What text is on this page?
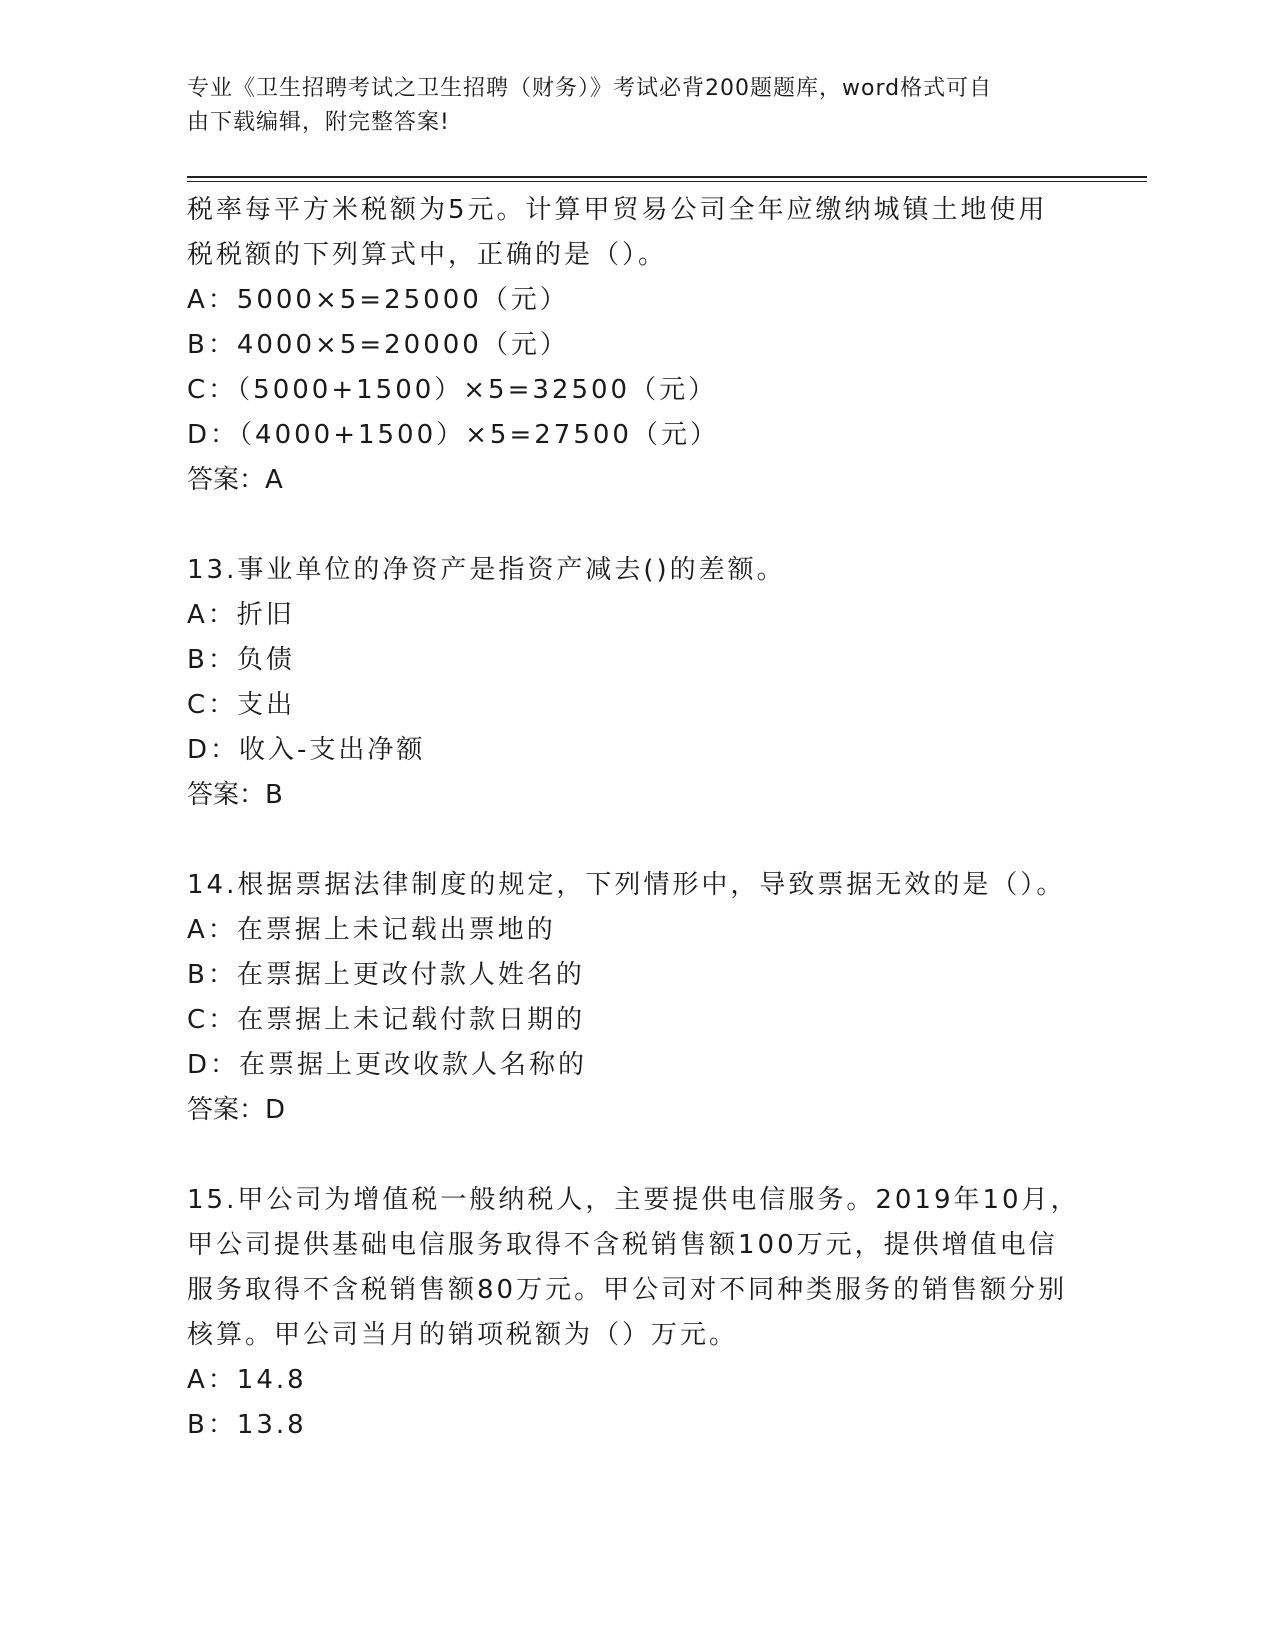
专业《卫生招聘考试之卫生招聘（财务）》考试必背200题题库，word格式可自
由下载编辑，附完整答案!
税率每平方米税额为5元。计算甲贸易公司全年应缴纳城镇土地使用
税税额的下列算式中，正确的是（）。
A：5000×5=25000（元）
B：4000×5=20000（元）
C：（5000+1500）×5=32500（元）
D：（4000+1500）×5=27500（元）
答案：A
13.事业单位的净资产是指资产减去()的差额。
A：折旧
B：负债
C：支出
D：收入-支出净额
答案：B
14.根据票据法律制度的规定，下列情形中，导致票据无效的是（）。
A：在票据上未记载出票地的
B：在票据上更改付款人姓名的
C：在票据上未记载付款日期的
D：在票据上更改收款人名称的
答案：D
15.甲公司为增值税一般纳税人，主要提供电信服务。2019年10月，
甲公司提供基础电信服务取得不含税销售额100万元，提供增值电信
服务取得不含税销售额80万元。甲公司对不同种类服务的销售额分别
核算。甲公司当月的销项税额为（）万元。
A：14.8
B：13.8
